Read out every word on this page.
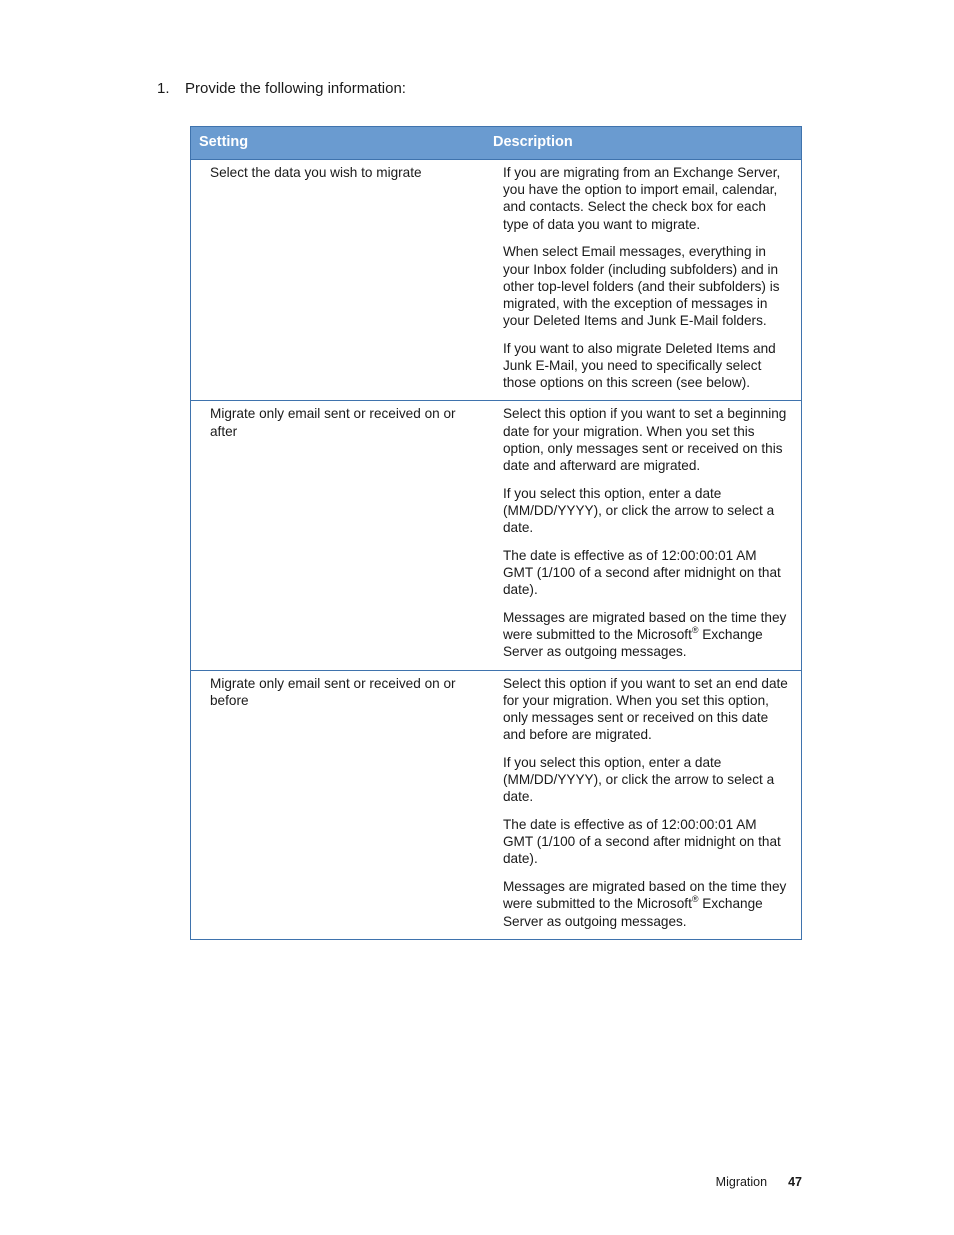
1. Provide the following information:
Setting	Description

Select the data you wish to migrate	If you are migrating from an Exchange Server, you have the option to import email, calendar, and contacts. Select the check box for each type of data you want to migrate.

When select Email messages, everything in your Inbox folder (including subfolders) and in other top-level folders (and their subfolders) is migrated, with the exception of messages in your Deleted Items and Junk E-Mail folders.

If you want to also migrate Deleted Items and Junk E-Mail, you need to specifically select those options on this screen (see below).

Migrate only email sent or received on or after	Select this option if you want to set a beginning date for your migration. When you set this option, only messages sent or received on this date and afterward are migrated.

If you select this option, enter a date (MM/DD/YYYY), or click the arrow to select a date.

The date is effective as of 12:00:00:01 AM GMT (1/100 of a second after midnight on that date).

Messages are migrated based on the time they were submitted to the Microsoft® Exchange Server as outgoing messages.

Migrate only email sent or received on or before	Select this option if you want to set an end date for your migration. When you set this option, only messages sent or received on this date and before are migrated.

If you select this option, enter a date (MM/DD/YYYY), or click the arrow to select a date.

The date is effective as of 12:00:00:01 AM GMT (1/100 of a second after midnight on that date).

Messages are migrated based on the time they were submitted to the Microsoft® Exchange Server as outgoing messages.

Migration 47
